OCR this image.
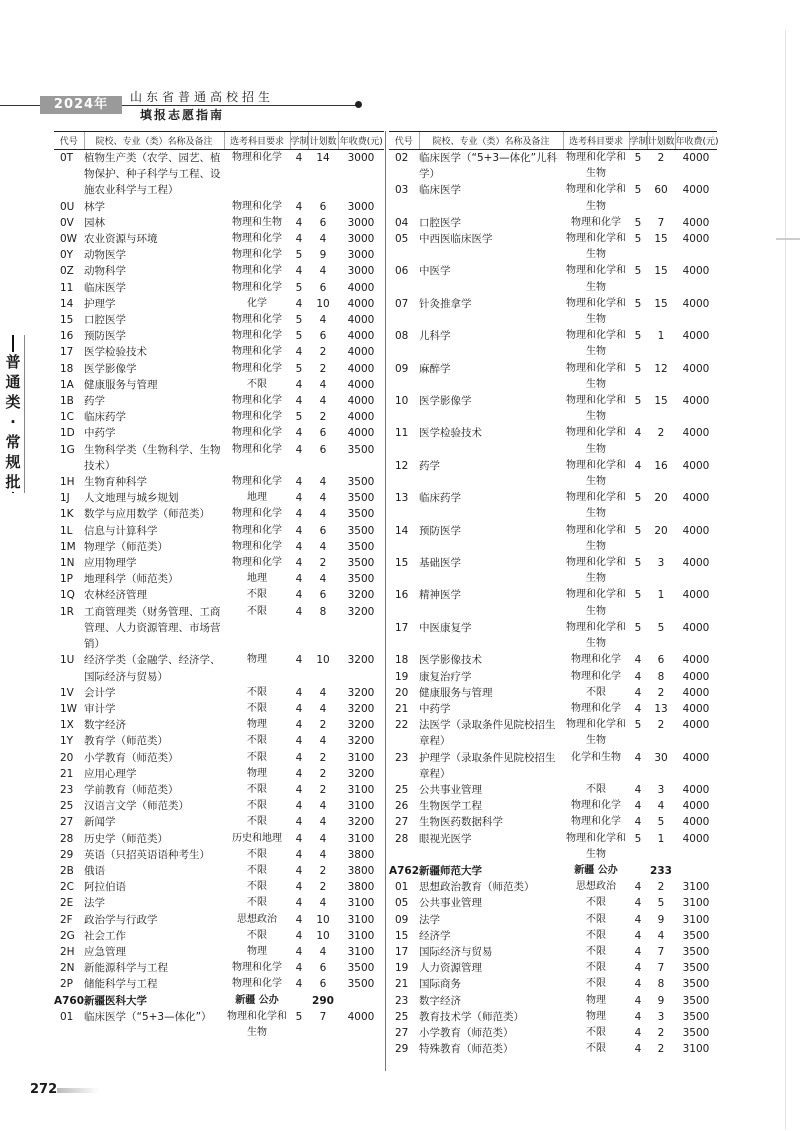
2024年	山东省普通高校招生
填报志愿指南
普
通
类
·
常
规
批
代号	院校、专业（类）名称及备注	选考科目要求	学制	计划数	年收费(元)
0T	植物生产类（农学、园艺、植物保护、种子科学与工程、设施农业科学与工程）	物理和化学	4	14	3000
0U	林学	物理和化学	4	6	3000
0V	园林	物理和生物	4	6	3000
0W	农业资源与环境	物理和化学	4	4	3000
0Y	动物医学	物理和化学	5	9	3000
0Z	动物科学	物理和化学	4	4	3000
11	临床医学	物理和化学	5	6	4000
14	护理学	化学	4	10	4000
15	口腔医学	物理和化学	5	4	4000
16	预防医学	物理和化学	5	6	4000
17	医学检验技术	物理和化学	4	2	4000
18	医学影像学	物理和化学	5	2	4000
1A	健康服务与管理	不限	4	4	4000
1B	药学	物理和化学	4	4	4000
1C	临床药学	物理和化学	5	2	4000
1D	中药学	物理和化学	4	6	4000
1G	生物科学类（生物科学、生物技术）	物理和化学	4	6	3500
1H	生物育种科学	物理和化学	4	4	3500
1J	人文地理与城乡规划	地理	4	4	3500
1K	数学与应用数学（师范类）	物理和化学	4	4	3500
1L	信息与计算科学	物理和化学	4	6	3500
1M	物理学（师范类）	物理和化学	4	4	3500
1N	应用物理学	物理和化学	4	2	3500
1P	地理科学（师范类）	地理	4	4	3500
1Q	农林经济管理	不限	4	6	3200
1R	工商管理类（财务管理、工商管理、人力资源管理、市场营销）	不限	4	8	3200
1U	经济学类（金融学、经济学、国际经济与贸易）	物理	4	10	3200
1V	会计学	不限	4	4	3200
1W	审计学	不限	4	4	3200
1X	数字经济	物理	4	2	3200
1Y	教育学（师范类）	不限	4	4	3200
20	小学教育（师范类）	不限	4	2	3100
21	应用心理学	物理	4	2	3200
23	学前教育（师范类）	不限	4	2	3100
25	汉语言文学（师范类）	不限	4	4	3100
27	新闻学	不限	4	4	3200
28	历史学（师范类）	历史和地理	4	4	3100
29	英语（只招英语语种考生）	不限	4	4	3800
2B	俄语	不限	4	2	3800
2C	阿拉伯语	不限	4	2	3800
2E	法学	不限	4	4	3100
2F	政治学与行政学	思想政治	4	10	3100
2G	社会工作	不限	4	10	3100
2H	应急管理	物理	4	4	3100
2N	新能源科学与工程	物理和化学	4	6	3500
2P	储能科学与工程	物理和化学	4	6	3500
A760	新疆医科大学	新疆 公办		290	
01	临床医学（“5+3—体化”）	物理和化学和生物	5	7	4000
代号	院校、专业（类）名称及备注	选考科目要求	学制	计划数	年收费(元)
02	临床医学（“5+3—体化”儿科学）	物理和化学和生物	5	2	4000
03	临床医学	物理和化学和生物	5	60	4000
04	口腔医学	物理和化学	5	7	4000
05	中西医临床医学	物理和化学和生物	5	15	4000
06	中医学	物理和化学和生物	5	15	4000
07	针灸推拿学	物理和化学和生物	5	15	4000
08	儿科学	物理和化学和生物	5	1	4000
09	麻醉学	物理和化学和生物	5	12	4000
10	医学影像学	物理和化学和生物	5	15	4000
11	医学检验技术	物理和化学和生物	4	2	4000
12	药学	物理和化学和生物	4	16	4000
13	临床药学	物理和化学和生物	5	20	4000
14	预防医学	物理和化学和生物	5	20	4000
15	基础医学	物理和化学和生物	5	3	4000
16	精神医学	物理和化学和生物	5	1	4000
17	中医康复学	物理和化学和生物	5	5	4000
18	医学影像技术	物理和化学	4	6	4000
19	康复治疗学	物理和化学	4	8	4000
20	健康服务与管理	不限	4	2	4000
21	中药学	物理和化学	4	13	4000
22	法医学（录取条件见院校招生章程）	物理和化学和生物	5	2	4000
23	护理学（录取条件见院校招生章程）	化学和生物	4	30	4000
25	公共事业管理	不限	4	3	4000
26	生物医学工程	物理和化学	4	4	4000
27	生物医药数据科学	物理和化学	4	5	4000
28	眼视光医学	物理和化学和生物	5	1	4000
A762	新疆师范大学	新疆 公办		233	
01	思想政治教育（师范类）	思想政治	4	2	3100
05	公共事业管理	不限	4	5	3100
09	法学	不限	4	9	3100
15	经济学	不限	4	4	3500
17	国际经济与贸易	不限	4	7	3500
19	人力资源管理	不限	4	7	3500
21	国际商务	不限	4	8	3500
23	数字经济	物理	4	9	3500
25	教育技术学（师范类）	物理	4	3	3500
27	小学教育（师范类）	不限	4	2	3500
29	特殊教育（师范类）	不限	4	2	3100
272
